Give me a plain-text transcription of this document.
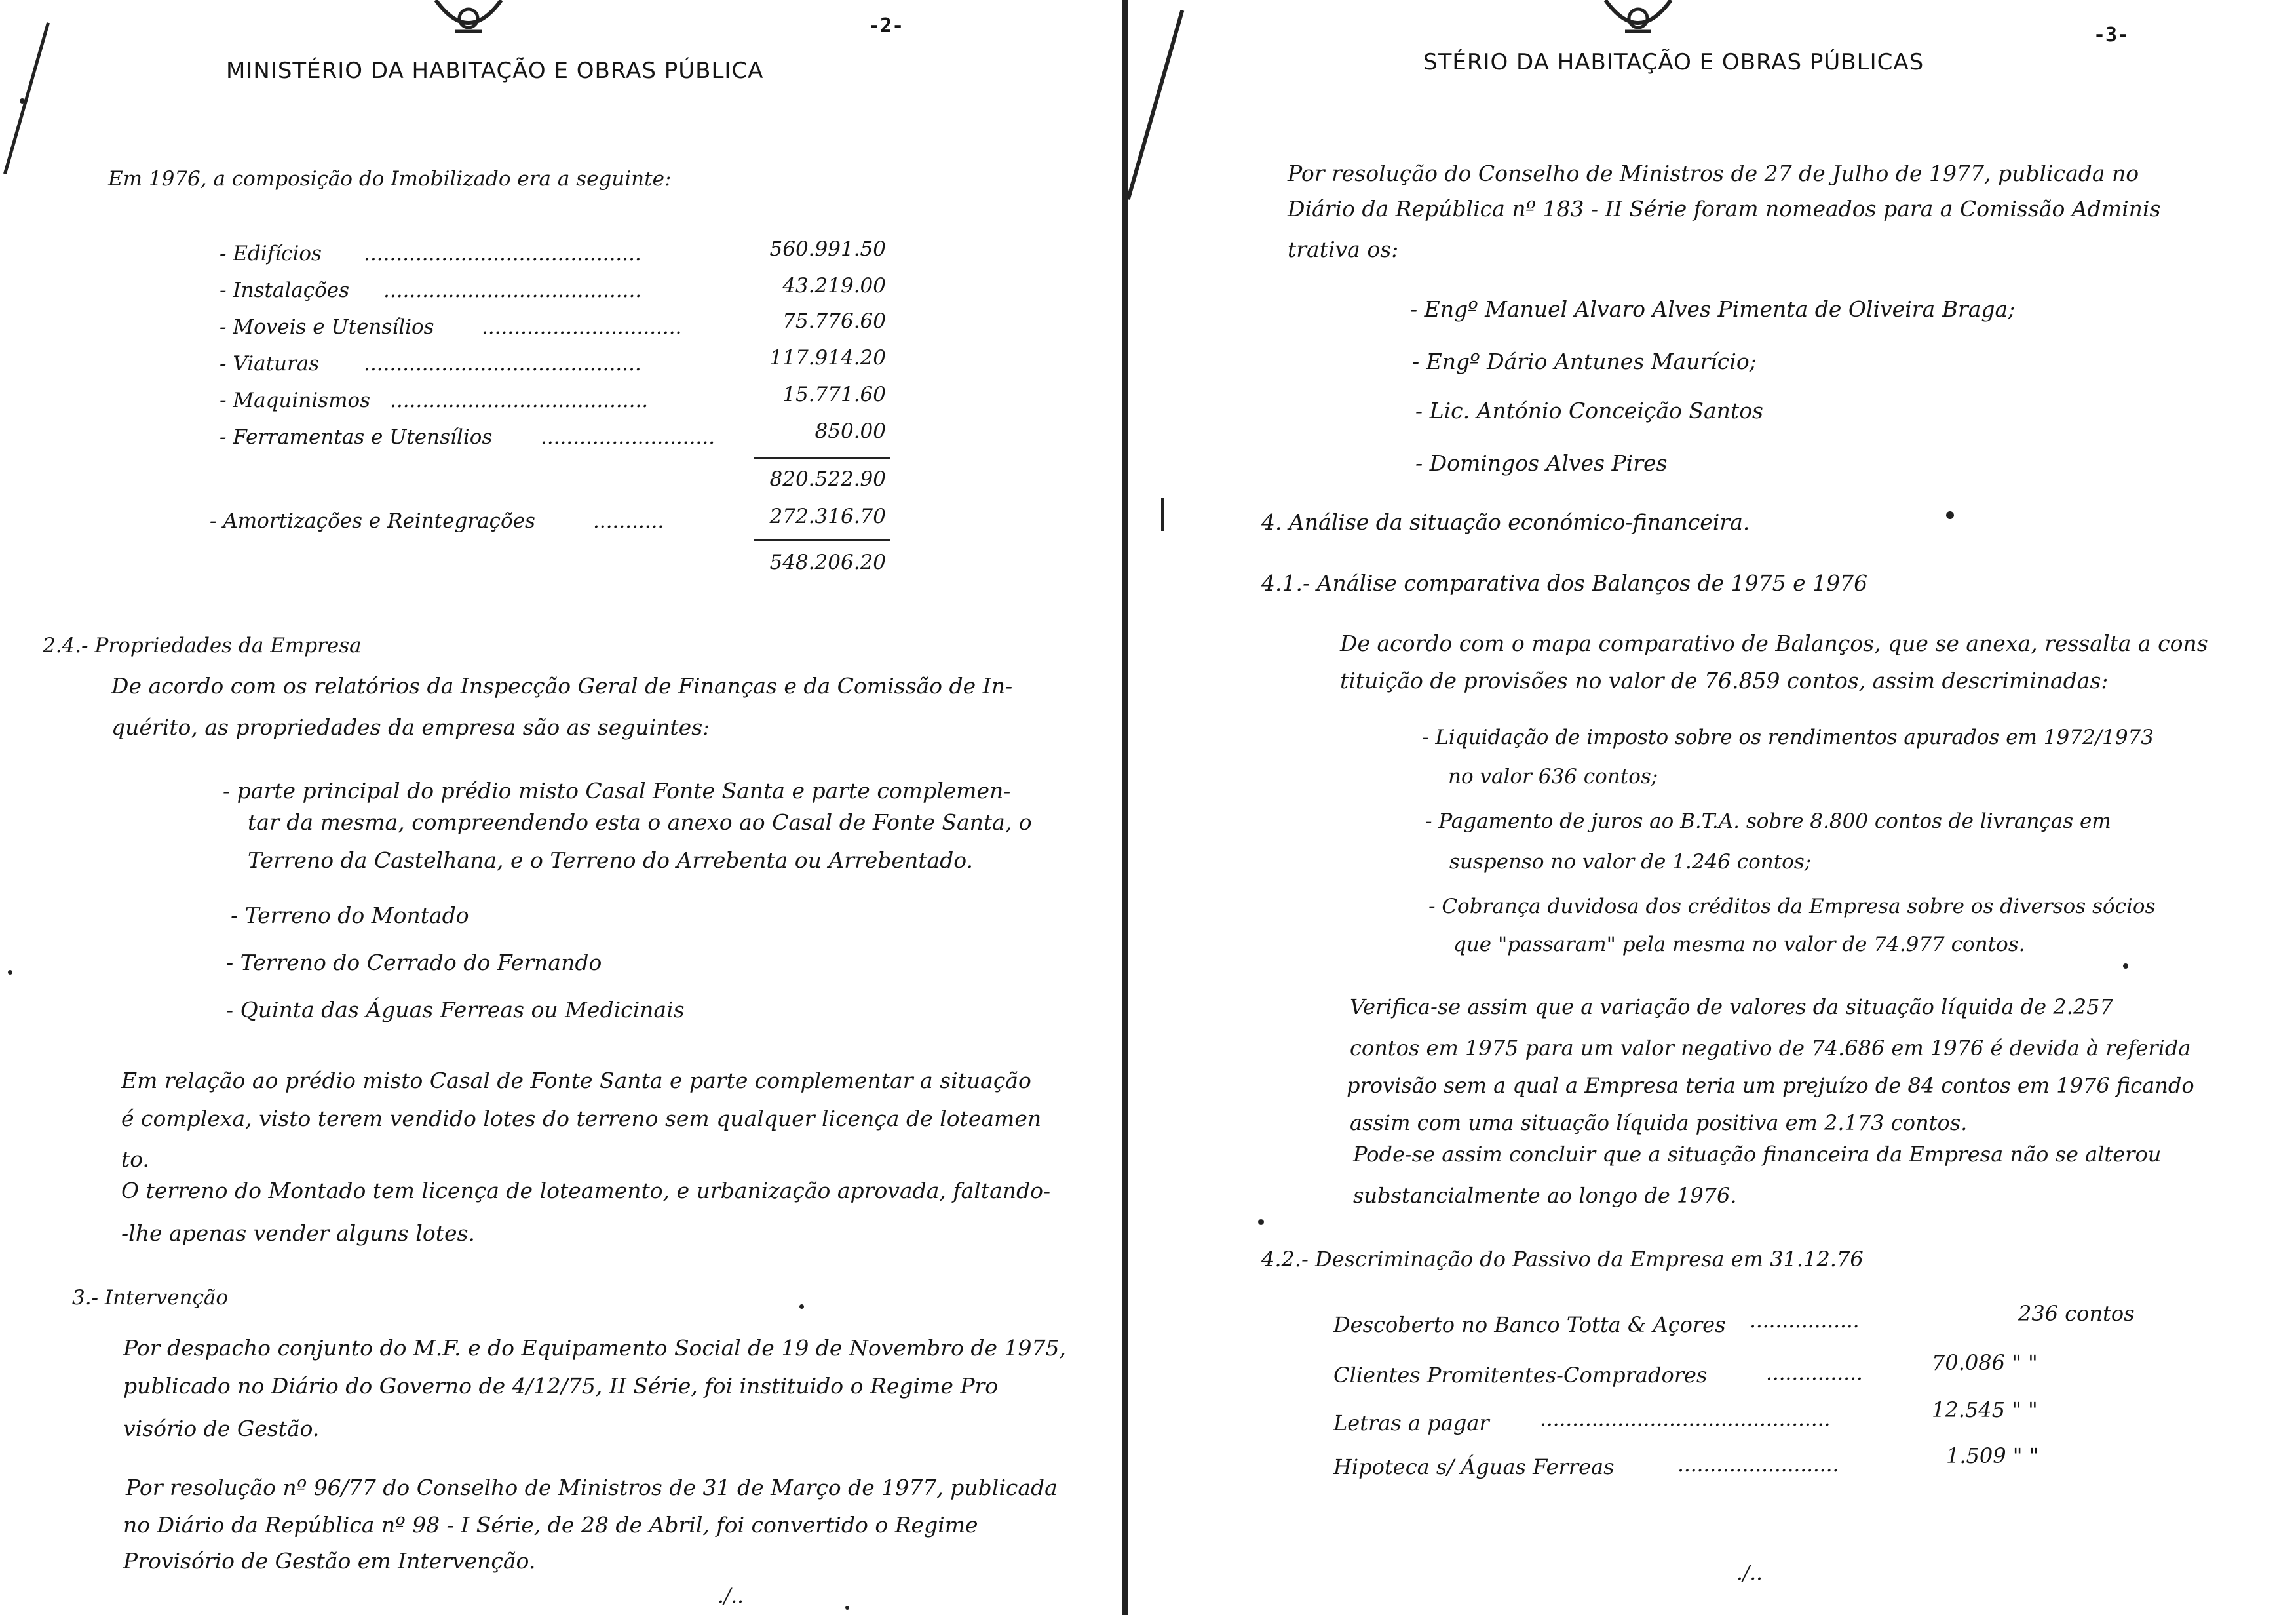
-2-
MINISTÉRIO DA HABITAÇÃO E OBRAS PÚBLICA
Em 1976, a composição do Imobilizado era a seguinte:
- Edifícios ...........................................	560.991.50
- Instalações ........................................	43.219.00
- Moveis e Utensílios ...............................	75.776.60
- Viaturas ...........................................	117.914.20
- Maquinismos ........................................	15.771.60
- Ferramentas e Utensílios ...........................	850.00
820.522.90
- Amortizações e Reintegrações	...........	272.316.70
548.206.20
2.4.- Propriedades da Empresa
De acordo com os relatórios da Inspecção Geral de Finanças e da Comissão de In-
quérito, as propriedades da empresa são as seguintes:
- parte principal do prédio misto Casal Fonte Santa e parte complemen-
tar da mesma, compreendendo esta o anexo ao Casal de Fonte Santa, o
Terreno da Castelhana, e o Terreno do Arrebenta ou Arrebentado.
- Terreno do Montado
- Terreno do Cerrado do Fernando
- Quinta das Águas Ferreas ou Medicinais
Em relação ao prédio misto Casal de Fonte Santa e parte complementar a situação
é complexa, visto terem vendido lotes do terreno sem qualquer licença de loteamen
to.
O terreno do Montado tem licença de loteamento, e urbanização aprovada, faltando-
-lhe apenas vender alguns lotes.
3.- Intervenção
Por despacho conjunto do M.F. e do Equipamento Social de 19 de Novembro de 1975,
publicado no Diário do Governo de 4/12/75, II Série, foi instituido o Regime Pro
visório de Gestão.
Por resolução nº 96/77 do Conselho de Ministros de 31 de Março de 1977, publicada
no Diário da República nº 98 - I Série, de 28 de Abril, foi convertido o Regime
Provisório de Gestão em Intervenção.
./..
-3-
STÉRIO DA HABITAÇÃO E OBRAS PÚBLICAS
Por resolução do Conselho de Ministros de 27 de Julho de 1977, publicada no
Diário da República nº 183 - II Série foram nomeados para a Comissão Adminis
trativa os:
- Engº Manuel Alvaro Alves Pimenta de Oliveira Braga;
- Engº Dário Antunes Maurício;
- Lic. António Conceição Santos
- Domingos Alves Pires
4. Análise da situação económico-financeira.
4.1.- Análise comparativa dos Balanços de 1975 e 1976
De acordo com o mapa comparativo de Balanços, que se anexa, ressalta a cons
tituição de provisões no valor de 76.859 contos, assim descriminadas:
- Liquidação de imposto sobre os rendimentos apurados em 1972/1973
no valor 636 contos;
- Pagamento de juros ao B.T.A. sobre 8.800 contos de livranças em
suspenso no valor de 1.246 contos;
- Cobrança duvidosa dos créditos da Empresa sobre os diversos sócios
que "passaram" pela mesma no valor de 74.977 contos.
Verifica-se assim que a variação de valores da situação líquida de 2.257
contos em 1975 para um valor negativo de 74.686 em 1976 é devida à referida
provisão sem a qual a Empresa teria um prejuízo de 84 contos em 1976 ficando
assim com uma situação líquida positiva em 2.173 contos.
Pode-se assim concluir que a situação financeira da Empresa não se alterou
substancialmente ao longo de 1976.
4.2.- Descriminação do Passivo da Empresa em 31.12.76
Descoberto no Banco Totta & Açores .................	236 contos
Clientes Promitentes-Compradores	...............	70.086 " "
Letras a pagar .............................................	12.545 " "
Hipoteca s/ Águas Ferreas	.........................	1.509 " "
./..
